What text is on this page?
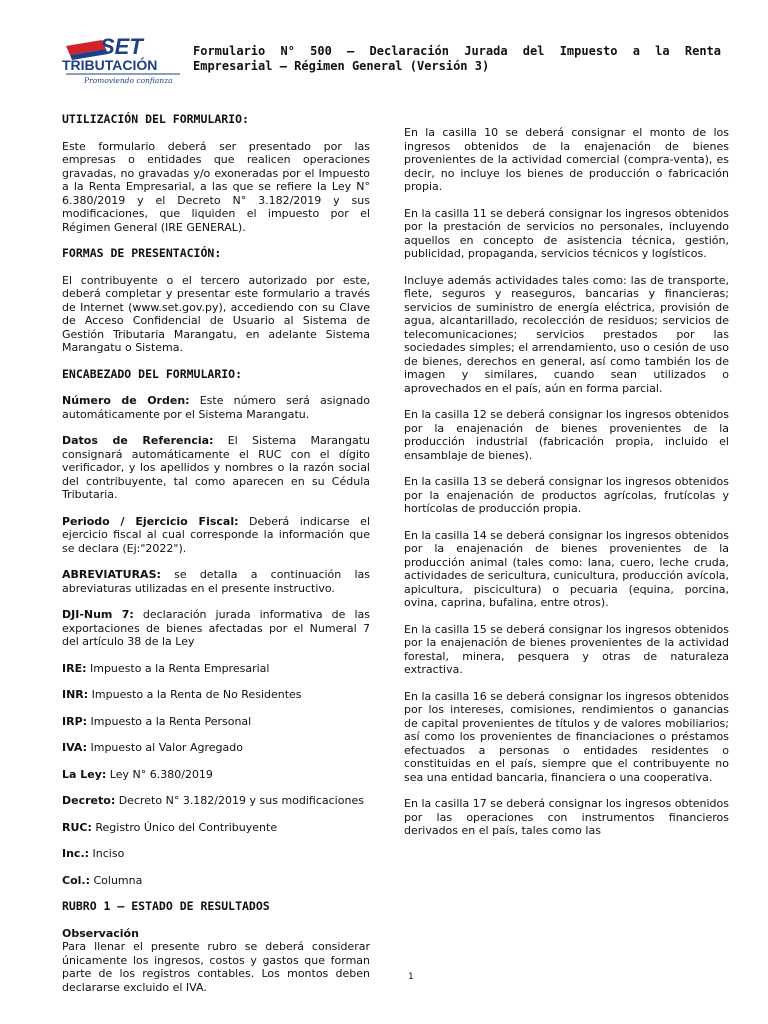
SET
TRIBUTACIÓN
Promoviendo confianza
Formulario N° 500 – Declaración Jurada del Impuesto a la Renta Empresarial – Régimen General (Versión 3)
UTILIZACIÓN DEL FORMULARIO:

Este formulario deberá ser presentado por las empresas o entidades que realicen operaciones gravadas, no gravadas y/o exoneradas por el Impuesto a la Renta Empresarial, a las que se refiere la Ley N° 6.380/2019 y el Decreto N° 3.182/2019 y sus modificaciones, que liquiden el impuesto por el Régimen General (IRE GENERAL).

FORMAS DE PRESENTACIÓN:

El contribuyente o el tercero autorizado por este, deberá completar y presentar este formulario a través de Internet (www.set.gov.py), accediendo con su Clave de Acceso Confidencial de Usuario al Sistema de Gestión Tributaria Marangatu, en adelante Sistema Marangatu o Sistema.

ENCABEZADO DEL FORMULARIO:

Número de Orden: Este número será asignado automáticamente por el Sistema Marangatu.

Datos de Referencia: El Sistema Marangatu consignará automáticamente el RUC con el dígito verificador, y los apellidos y nombres o la razón social del contribuyente, tal como aparecen en su Cédula Tributaria.

Periodo / Ejercicio Fiscal: Deberá indicarse el ejercicio fiscal al cual corresponde la información que se declara (Ej:"2022").

ABREVIATURAS: se detalla a continuación las abreviaturas utilizadas en el presente instructivo.

DJI-Num 7: declaración jurada informativa de las exportaciones de bienes afectadas por el Numeral 7 del artículo 38 de la Ley

IRE: Impuesto a la Renta Empresarial

INR: Impuesto a la Renta de No Residentes

IRP: Impuesto a la Renta Personal

IVA: Impuesto al Valor Agregado

La Ley: Ley N° 6.380/2019

Decreto: Decreto N° 3.182/2019 y sus modificaciones

RUC: Registro Único del Contribuyente

Inc.: Inciso

Col.: Columna

RUBRO 1 – ESTADO DE RESULTADOS
Observación

Para llenar el presente rubro se deberá considerar únicamente los ingresos, costos y gastos que forman parte de los registros contables. Los montos deben declararse excluido el IVA.

En la casilla 10 se deberá consignar el monto de los ingresos obtenidos de la enajenación de bienes provenientes de la actividad comercial (compra-venta), es decir, no incluye los bienes de producción o fabricación propia.

En la casilla 11 se deberá consignar los ingresos obtenidos por la prestación de servicios no personales, incluyendo aquellos en concepto de asistencia técnica, gestión, publicidad, propaganda, servicios técnicos y logísticos.

Incluye además actividades tales como: las de transporte, flete, seguros y reaseguros, bancarias y financieras; servicios de suministro de energía eléctrica, provisión de agua, alcantarillado, recolección de residuos; servicios de telecomunicaciones; servicios prestados por las sociedades simples; el arrendamiento, uso o cesión de uso de bienes, derechos en general, así como también los de imagen y similares, cuando sean utilizados o aprovechados en el país, aún en forma parcial.

En la casilla 12 se deberá consignar los ingresos obtenidos por la enajenación de bienes provenientes de la producción industrial (fabricación propia, incluido el ensamblaje de bienes).

En la casilla 13 se deberá consignar los ingresos obtenidos por la enajenación de productos agrícolas, frutícolas y hortícolas de producción propia.

En la casilla 14 se deberá consignar los ingresos obtenidos por la enajenación de bienes provenientes de la producción animal (tales como: lana, cuero, leche cruda, actividades de sericultura, cunicultura, producción avícola, apicultura, piscicultura) o pecuaria (equina, porcina, ovina, caprina, bufalina, entre otros).

En la casilla 15 se deberá consignar los ingresos obtenidos por la enajenación de bienes provenientes de la actividad forestal, minera, pesquera y otras de naturaleza extractiva.

En la casilla 16 se deberá consignar los ingresos obtenidos por los intereses, comisiones, rendimientos o ganancias de capital provenientes de títulos y de valores mobiliarios; así como los provenientes de financiaciones o préstamos efectuados a personas o entidades residentes o constituidas en el país, siempre que el contribuyente no sea una entidad bancaria, financiera o una cooperativa.

En la casilla 17 se deberá consignar los ingresos obtenidos por las operaciones con instrumentos financieros derivados en el país, tales como las

1
